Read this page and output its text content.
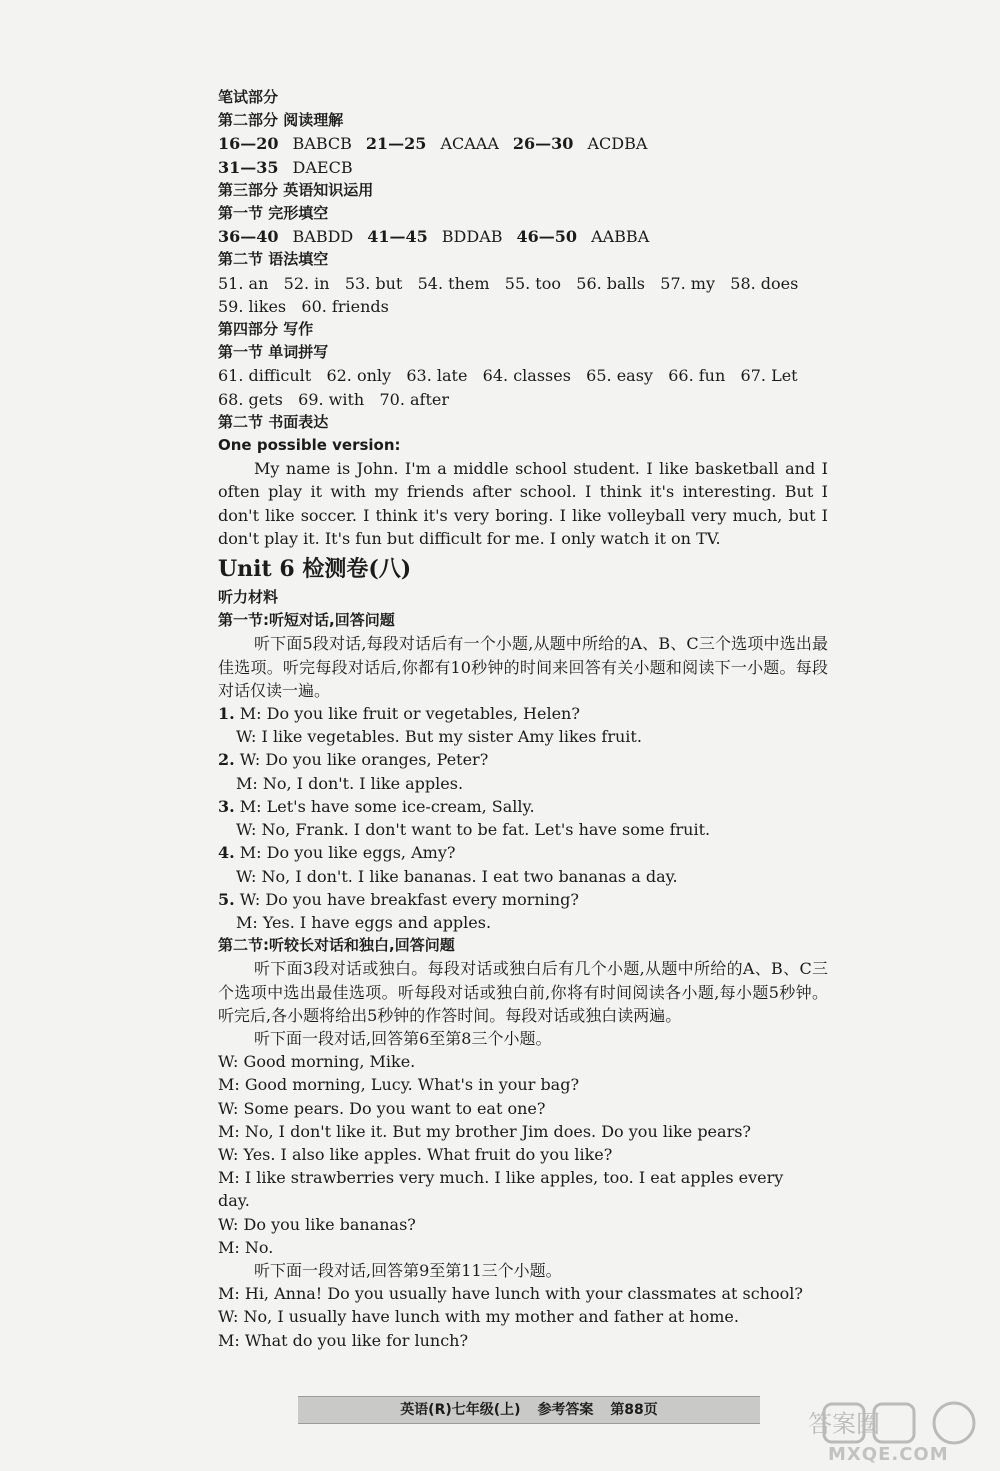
笔试部分
第二部分 阅读理解
16—20 BABCB 21—25 ACAAA 26—30 ACDBA
31—35 DAECB
第三部分 英语知识运用
第一节 完形填空
36—40 BABDD 41—45 BDDAB 46—50 AABBA
第二节 语法填空
51. an   52. in   53. but   54. them   55. too   56. balls   57. my   58. does
59. likes   60. friends
第四部分 写作
第一节 单词拼写
61. difficult   62. only   63. late   64. classes   65. easy   66. fun   67. Let
68. gets   69. with   70. after
第二节 书面表达
One possible version:
My name is John. I'm a middle school student. I like basketball and I often play it with my friends after school. I think it's interesting. But I don't like soccer. I think it's very boring. I like volleyball very much, but I don't play it. It's fun but difficult for me. I only watch it on TV.
Unit 6 检测卷(八)
听力材料
第一节:听短对话,回答问题
听下面5段对话,每段对话后有一个小题,从题中所给的A、B、C三个选项中选出最佳选项。听完每段对话后,你都有10秒钟的时间来回答有关小题和阅读下一小题。每段对话仅读一遍。
1. M: Do you like fruit or vegetables, Helen?
W: I like vegetables. But my sister Amy likes fruit.
2. W: Do you like oranges, Peter?
M: No, I don't. I like apples.
3. M: Let's have some ice-cream, Sally.
W: No, Frank. I don't want to be fat. Let's have some fruit.
4. M: Do you like eggs, Amy?
W: No, I don't. I like bananas. I eat two bananas a day.
5. W: Do you have breakfast every morning?
M: Yes. I have eggs and apples.
第二节:听较长对话和独白,回答问题
听下面3段对话或独白。每段对话或独白后有几个小题,从题中所给的A、B、C三个选项中选出最佳选项。听每段对话或独白前,你将有时间阅读各小题,每小题5秒钟。听完后,各小题将给出5秒钟的作答时间。每段对话或独白读两遍。
听下面一段对话,回答第6至第8三个小题。
W: Good morning, Mike.
M: Good morning, Lucy. What's in your bag?
W: Some pears. Do you want to eat one?
M: No, I don't like it. But my brother Jim does. Do you like pears?
W: Yes. I also like apples. What fruit do you like?
M: I like strawberries very much. I like apples, too. I eat apples every
day.
W: Do you like bananas?
M: No.
听下面一段对话,回答第9至第11三个小题。
M: Hi, Anna! Do you usually have lunch with your classmates at school?
W: No, I usually have lunch with my mother and father at home.
M: What do you like for lunch?
英语(R)七年级(上) 参考答案 第88页	答案圈
MXQE.COM
